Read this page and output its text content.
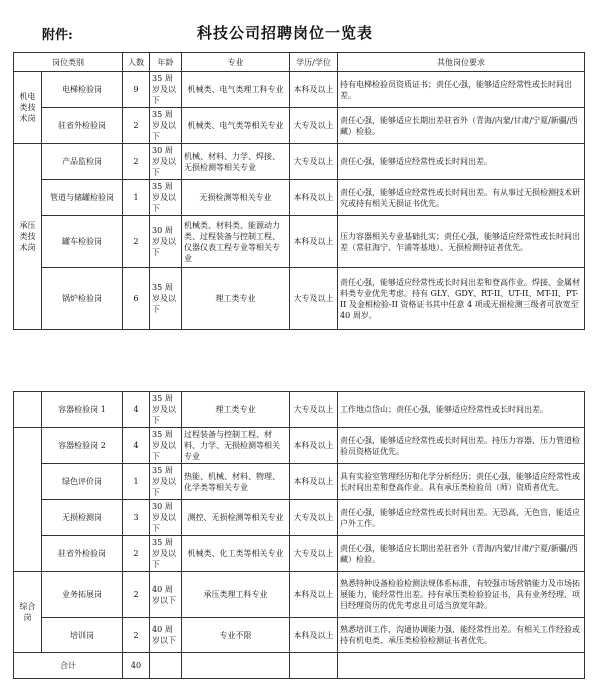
附件:	科技公司招聘岗位一览表
岗位类别		人数	年龄	专业	学历/学位	其他岗位要求
机电类技术岗	电梯检验岗	9	35 周岁及以下	机械类、电气类理工科专业	本科及以上	持有电梯检验员资质证书；责任心强，能够适应经常性或长时间出差。
	驻省外检验岗	2	35 周岁及以下	机械类、电气类等相关专业	大专及以上	责任心强，能够适应长期出差驻省外（青海/内蒙/甘肃/宁夏/新疆/西藏）检验。
承压类技术岗	产品监检岗	2	30 周岁及以下	机械、材料、力学、焊接、无损检测等相关专业	大专及以上	责任心强，能够适应经常性或长时间出差。
	管道与储罐检验岗	1	35 周岁及以下	无损检测等相关专业	本科及以上	责任心强，能够适应经常性或长时间出差。有从事过无损检测技术研究或持有相关无损证书优先。
	罐车检验岗	2	30 周岁及以下	机械类、材料类、能源动力类、过程装备与控制工程、仪器仪表工程专业等相关专业	本科及以上	压力容器相关专业基础扎实；责任心强，能够适应经常性或长时间出差（常驻海宁、乍浦等基地）、无损检测持证者优先。
	锅炉检验岗	6	35 周岁及以下	理工类专业	大专及以上	责任心强，能够适应经常性或长时间出差和登高作业。焊接、金属材料类专业优先考虑。持有 GLY、GDY、RT-II、UT-II、MT-II、PT-II 及金相检验-II 资格证书其中任意 4 项或无损检测三级者可放宽至 40 周岁。
	容器检验岗 1	4	35 周岁及以下	理工类专业	大专及以上	工作地点岱山；责任心强，能够适应经常性或长时间出差。
	容器检验岗 2	4	35 周岁及以下	过程装备与控制工程、材料、力学、无损检测等相关专业	本科及以上	责任心强，能够适应经常性或长时间出差。持压力容器、压力管道检验员资格证优先。
	绿色评价岗	1	35 周岁及以下	热能、机械、材料、物理、化学类等相关专业	本科及以上	具有实验室管理经历和化学分析经历；责任心强，能够适应经常性或长时间出差和登高作业。具有承压类检验员（师）资质者优先。
	无损检测岗	3	30 周岁及以下	测控、无损检测等相关专业	大专及以上	责任心强，能够适应经常性或长时间出差。无恐高，无色盲，能适应户外工作。
	驻省外检验岗	2	35 周岁及以下	机械类、化工类等相关专业	大专及以上	责任心强，能够适应长期出差驻省外（青海/内蒙/甘肃/宁夏/新疆/西藏）检验。
综合岗	业务拓展岗	2	40 周岁以下	承压类理工科专业	本科及以上	熟悉特种设备检验检测法规体系标准，有较强市场营销能力及市场拓展能力，能经常性出差。持有承压类检验验证书，具有业务经理、项目经理资历的优先考虑且可适当放宽年龄。
	培训岗	2	40 周岁以下	专业不限	本科及以上	熟悉培训工作，沟通协调能力强，能经常性出差。有相关工作经验或持有机电类、承压类检验检测证书者优先。
合计		40				
